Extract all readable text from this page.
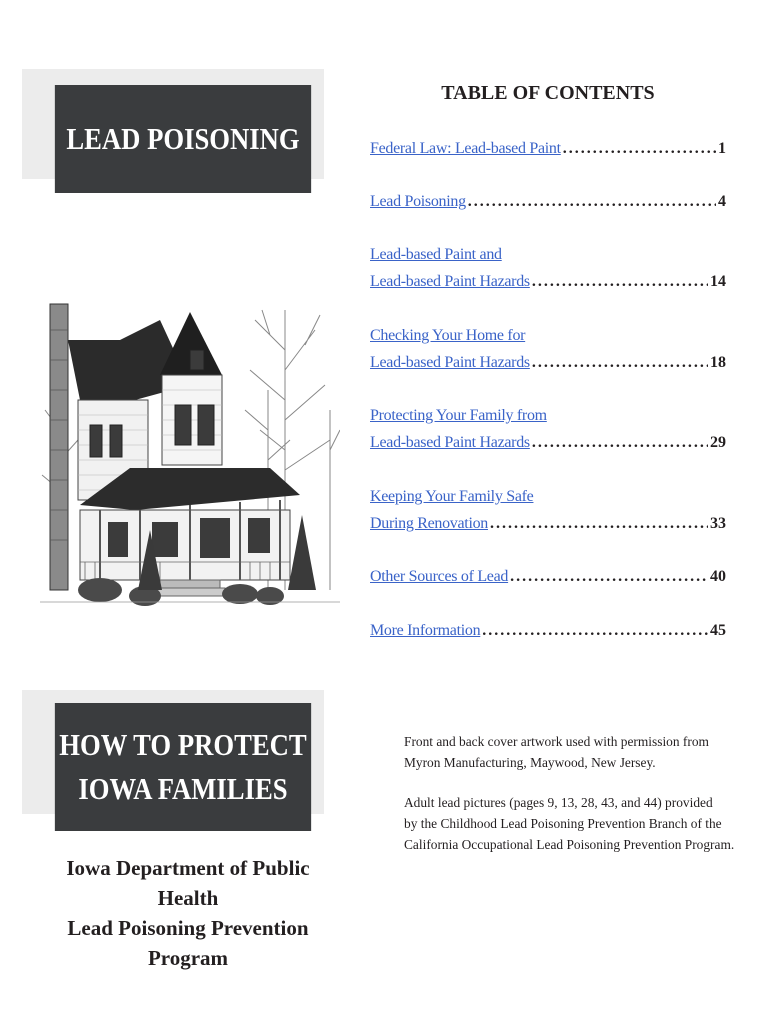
LEAD POISONING
HOW TO PROTECT
IOWA FAMILIES
Iowa Department of Public Health
Lead Poisoning Prevention Program
TABLE OF CONTENTS
Federal Law: Lead-based Paint .....	1
Lead Poisoning .....	4
Lead-based Paint and
Lead-based Paint Hazards .....	14
Checking Your Home for
Lead-based Paint Hazards .....	18
Protecting Your Family from
Lead-based Paint Hazards .....	29
Keeping Your Family Safe
During Renovation .....	33
Other Sources of Lead .....	40
More Information .....	45

Front and back cover artwork used with permission from
Myron Manufacturing, Maywood, New Jersey.

Adult lead pictures (pages 9, 13, 28, 43, and 44) provided
by the Childhood Lead Poisoning Prevention Branch of the
California Occupational Lead Poisoning Prevention Program.
